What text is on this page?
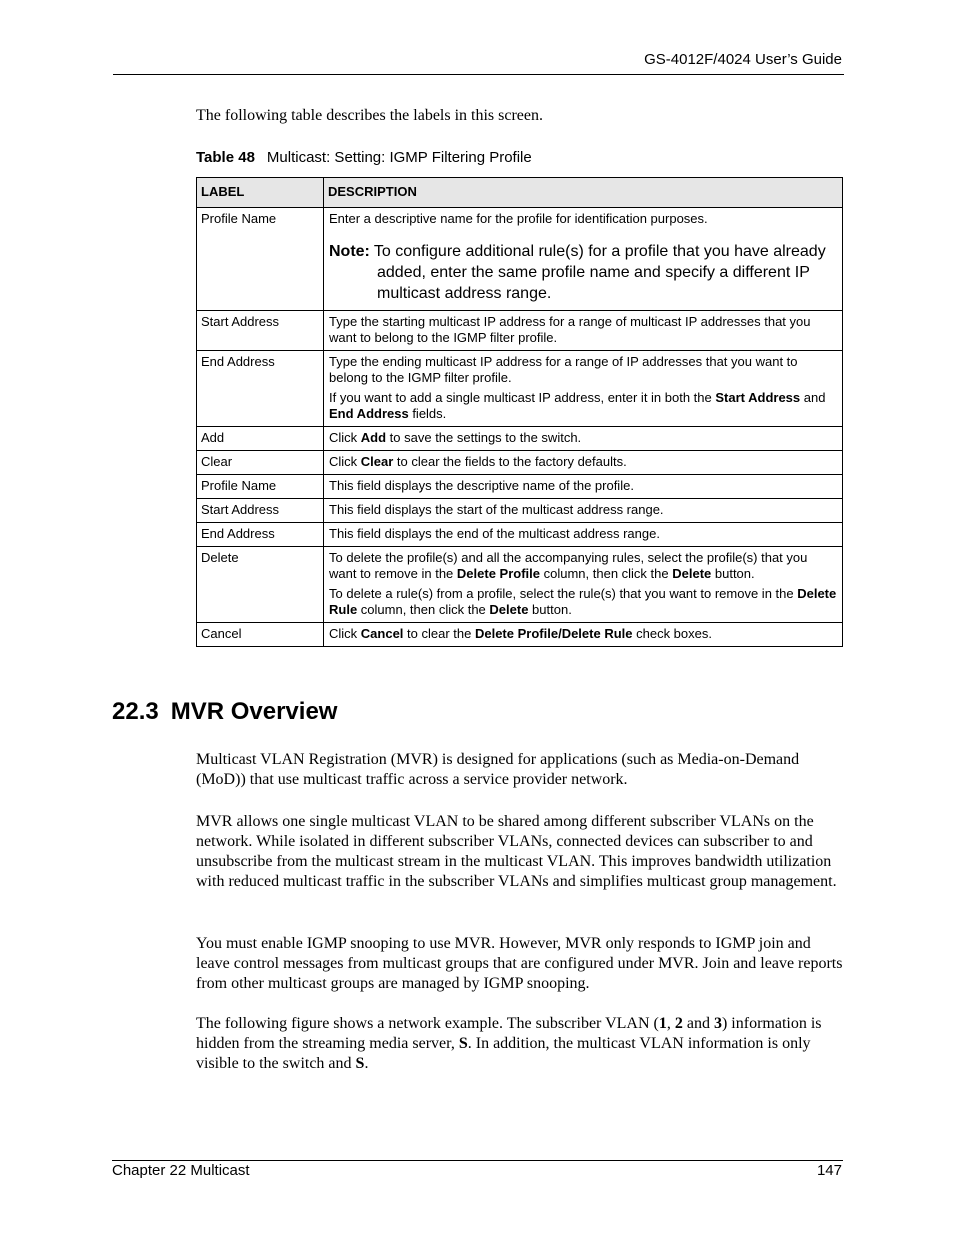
GS-4012F/4024 User’s Guide
The following table describes the labels in this screen.
Table 48 Multicast: Setting: IGMP Filtering Profile
LABEL	DESCRIPTION
Profile Name	Enter a descriptive name for the profile for identification purposes.
Note: To configure additional rule(s) for a profile that you have already added, enter the same profile name and specify a different IP multicast address range.

Start Address	Type the starting multicast IP address for a range of multicast IP addresses that you want to belong to the IGMP filter profile.
End Address	Type the ending multicast IP address for a range of IP addresses that you want to belong to the IGMP filter profile.
If you want to add a single multicast IP address, enter it in both the Start Address and End Address fields.

Add	Click Add to save the settings to the switch.
Clear	Click Clear to clear the fields to the factory defaults.
Profile Name	This field displays the descriptive name of the profile.
Start Address	This field displays the start of the multicast address range.
End Address	This field displays the end of the multicast address range.
Delete	To delete the profile(s) and all the accompanying rules, select the profile(s) that you want to remove in the Delete Profile column, then click the Delete button.
To delete a rule(s) from a profile, select the rule(s) that you want to remove in the Delete Rule column, then click the Delete button.

Cancel	Click Cancel to clear the Delete Profile/Delete Rule check boxes.
22.3 MVR Overview

Multicast VLAN Registration (MVR) is designed for applications (such as Media-on-Demand (MoD)) that use multicast traffic across a service provider network.

MVR allows one single multicast VLAN to be shared among different subscriber VLANs on the network. While isolated in different subscriber VLANs, connected devices can subscriber to and unsubscribe from the multicast stream in the multicast VLAN. This improves bandwidth utilization with reduced multicast traffic in the subscriber VLANs and simplifies multicast group management.

You must enable IGMP snooping to use MVR. However, MVR only responds to IGMP join and leave control messages from multicast groups that are configured under MVR. Join and leave reports from other multicast groups are managed by IGMP snooping.

The following figure shows a network example. The subscriber VLAN (1, 2 and 3) information is hidden from the streaming media server, S. In addition, the multicast VLAN information is only visible to the switch and S.

Chapter 22 Multicast	147
